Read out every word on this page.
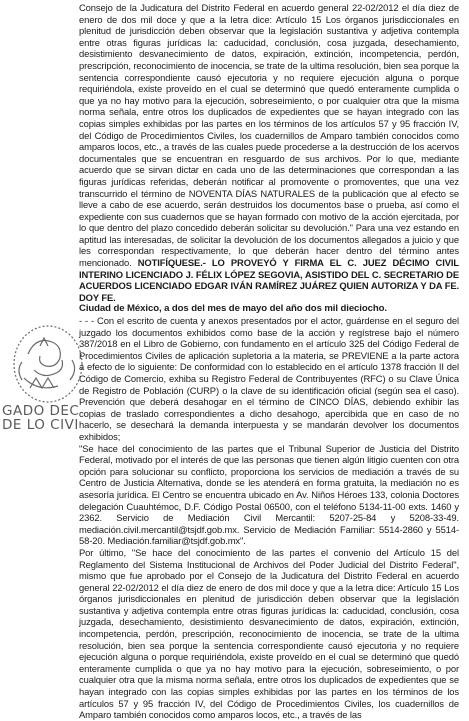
GADO DÉC
DE LO CIVI

Consejo de la Judicatura del Distrito Federal en acuerdo general 22-02/2012 el día diez de enero de dos mil doce y que a la letra dice: Artículo 15 Los órganos jurisdiccionales en plenitud de jurisdicción deben observar que la legislación sustantiva y adjetiva contempla entre otras figuras jurídicas la: caducidad, conclusión, cosa juzgada, desechamiento, desistimiento desvanecimiento de datos, expiración, extinción, incompetencia, perdón, prescripción, reconocimiento de inocencia, se trate de la ultima resolución, bien sea porque la sentencia correspondiente causó ejecutoria y no requiere ejecución alguna o porque requiriéndola, existe proveído en el cual se determinó que quedó enteramente cumplida o que ya no hay motivo para la ejecución, sobreseimiento, o por cualquier otra que la misma norma señala, entre otros los duplicados de expedientes que se hayan integrado con las copias simples exhibidas por las partes en los términos de los artículos 57 y 95 fracción IV, del Código de Procedimientos Civiles, los cuadernillos de Amparo también conocidos como amparos locos, etc., a través de las cuales puede procederse a la destrucción de los acervos documentales que se encuentran en resguardo de sus archivos. Por lo que, mediante acuerdo que se sirvan dictar en cada uno de las determinaciones que correspondan a las figuras jurídicas referidas, deberán notificar al promovente o promoventes, que una vez transcurrido el término de NOVENTA DÍAS NATURALES de la publicación que al efecto se lleve a cabo de ese acuerdo, serán destruidos los documentos base o prueba, así como el expediente con sus cuadernos que se hayan formado con motivo de la acción ejercitada, por lo que dentro del plazo concedido deberán solicitar su devolución." Para una vez estando en aptitud las interesadas, de solicitar la devolución de los documentos allegados a juicio y que les correspondan respectivamente, lo que deberán hacer dentro del término antes mencionado. NOTIFÍQUESE.- LO PROVEYÓ Y FIRMA EL C. JUEZ DÉCIMO CIVIL INTERINO LICENCIADO J. FÉLIX LÓPEZ SEGOVIA, ASISTIDO DEL C. SECRETARIO DE ACUERDOS LICENCIADO EDGAR IVÁN RAMÍREZ JUÁREZ QUIEN AUTORIZA Y DA FE. DOY FE.

Ciudad de México, a dos del mes de mayo del año dos mil dieciocho.

- - - Con el escrito de cuenta y anexos presentados por el actor, guárdense en el seguro del juzgado los documentos exhibidos como base de la acción y regístrese bajo el número 387/2018 en el Libro de Gobierno, con fundamento en el artículo 325 del Código Federal de Procedimientos Civiles de aplicación supletoria a la materia, se PREVIENE a la parte actora a efecto de lo siguiente: De conformidad con lo establecido en el artículo 1378 fracción II del Código de Comercio, exhiba su Registro Federal de Contribuyentes (RFC) o su Clave Única de Registro de Población (CURP) o la clave de su identificación oficial (según sea el caso). Prevención que deberá desahogar en el término de CINCO DÍAS, debiendo exhibir las copias de traslado correspondientes a dicho desahogo, apercibida que en caso de no hacerlo, se desechará la demanda interpuesta y se mandarán devolver los documentos exhibidos;

"Se hace del conocimiento de las partes que el Tribunal Superior de Justicia del Distrito Federal, motivado por el interés de que las personas que tienen algún litigio cuenten con otra opción para solucionar su conflicto, proporciona los servicios de mediación a través de su Centro de Justicia Alternativa, donde se les atenderá en forma gratuita, la mediación no es asesoría jurídica. El Centro se encuentra ubicado en Av. Niños Héroes 133, colonia Doctores delegación Cuauhtémoc, D.F. Código Postal 06500, con el teléfono 5134-11-00 exts. 1460 y 2362. Servicio de Mediación Civil Mercantil: 5207-25-84 y 5208-33-49. mediación.civil.mercantil@tsjdf.gob.mx. Servicio de Mediación Familiar: 5514-2860 y 5514-58-20. Mediación.familiar@tsjdf.gob.mx".

Por último, "Se hace del conocimiento de las partes el convenio del Artículo 15 del Reglamento del Sistema Institucional de Archivos del Poder Judicial del Distrito Federal", mismo que fue aprobado por el Consejo de la Judicatura del Distrito Federal en acuerdo general 22-02/2012 el día diez de enero de dos mil doce y que a la letra dice: Artículo 15 Los órganos jurisdiccionales en plenitud de jurisdicción deben observar que la legislación sustantiva y adjetiva contempla entre otras figuras jurídicas la: caducidad, conclusión, cosa juzgada, desechamiento, desistimiento desvanecimiento de datos, expiración, extinción, incompetencia, perdón, prescripción, reconocimiento de inocencia, se trate de la ultima resolución, bien sea porque la sentencia correspondiente causó ejecutoria y no requiere ejecución alguna o porque requiriéndola, existe proveído en el cual se determinó que quedó enteramente cumplida o que ya no hay motivo para la ejecución, sobreseimiento, o por cualquier otra que la misma norma señala, entre otros los duplicados de expedientes que se hayan integrado con las copias simples exhibidas por las partes en los términos de los artículos 57 y 95 fracción IV, del Código de Procedimientos Civiles, los cuadernillos de Amparo también conocidos como amparos locos, etc., a través de las
